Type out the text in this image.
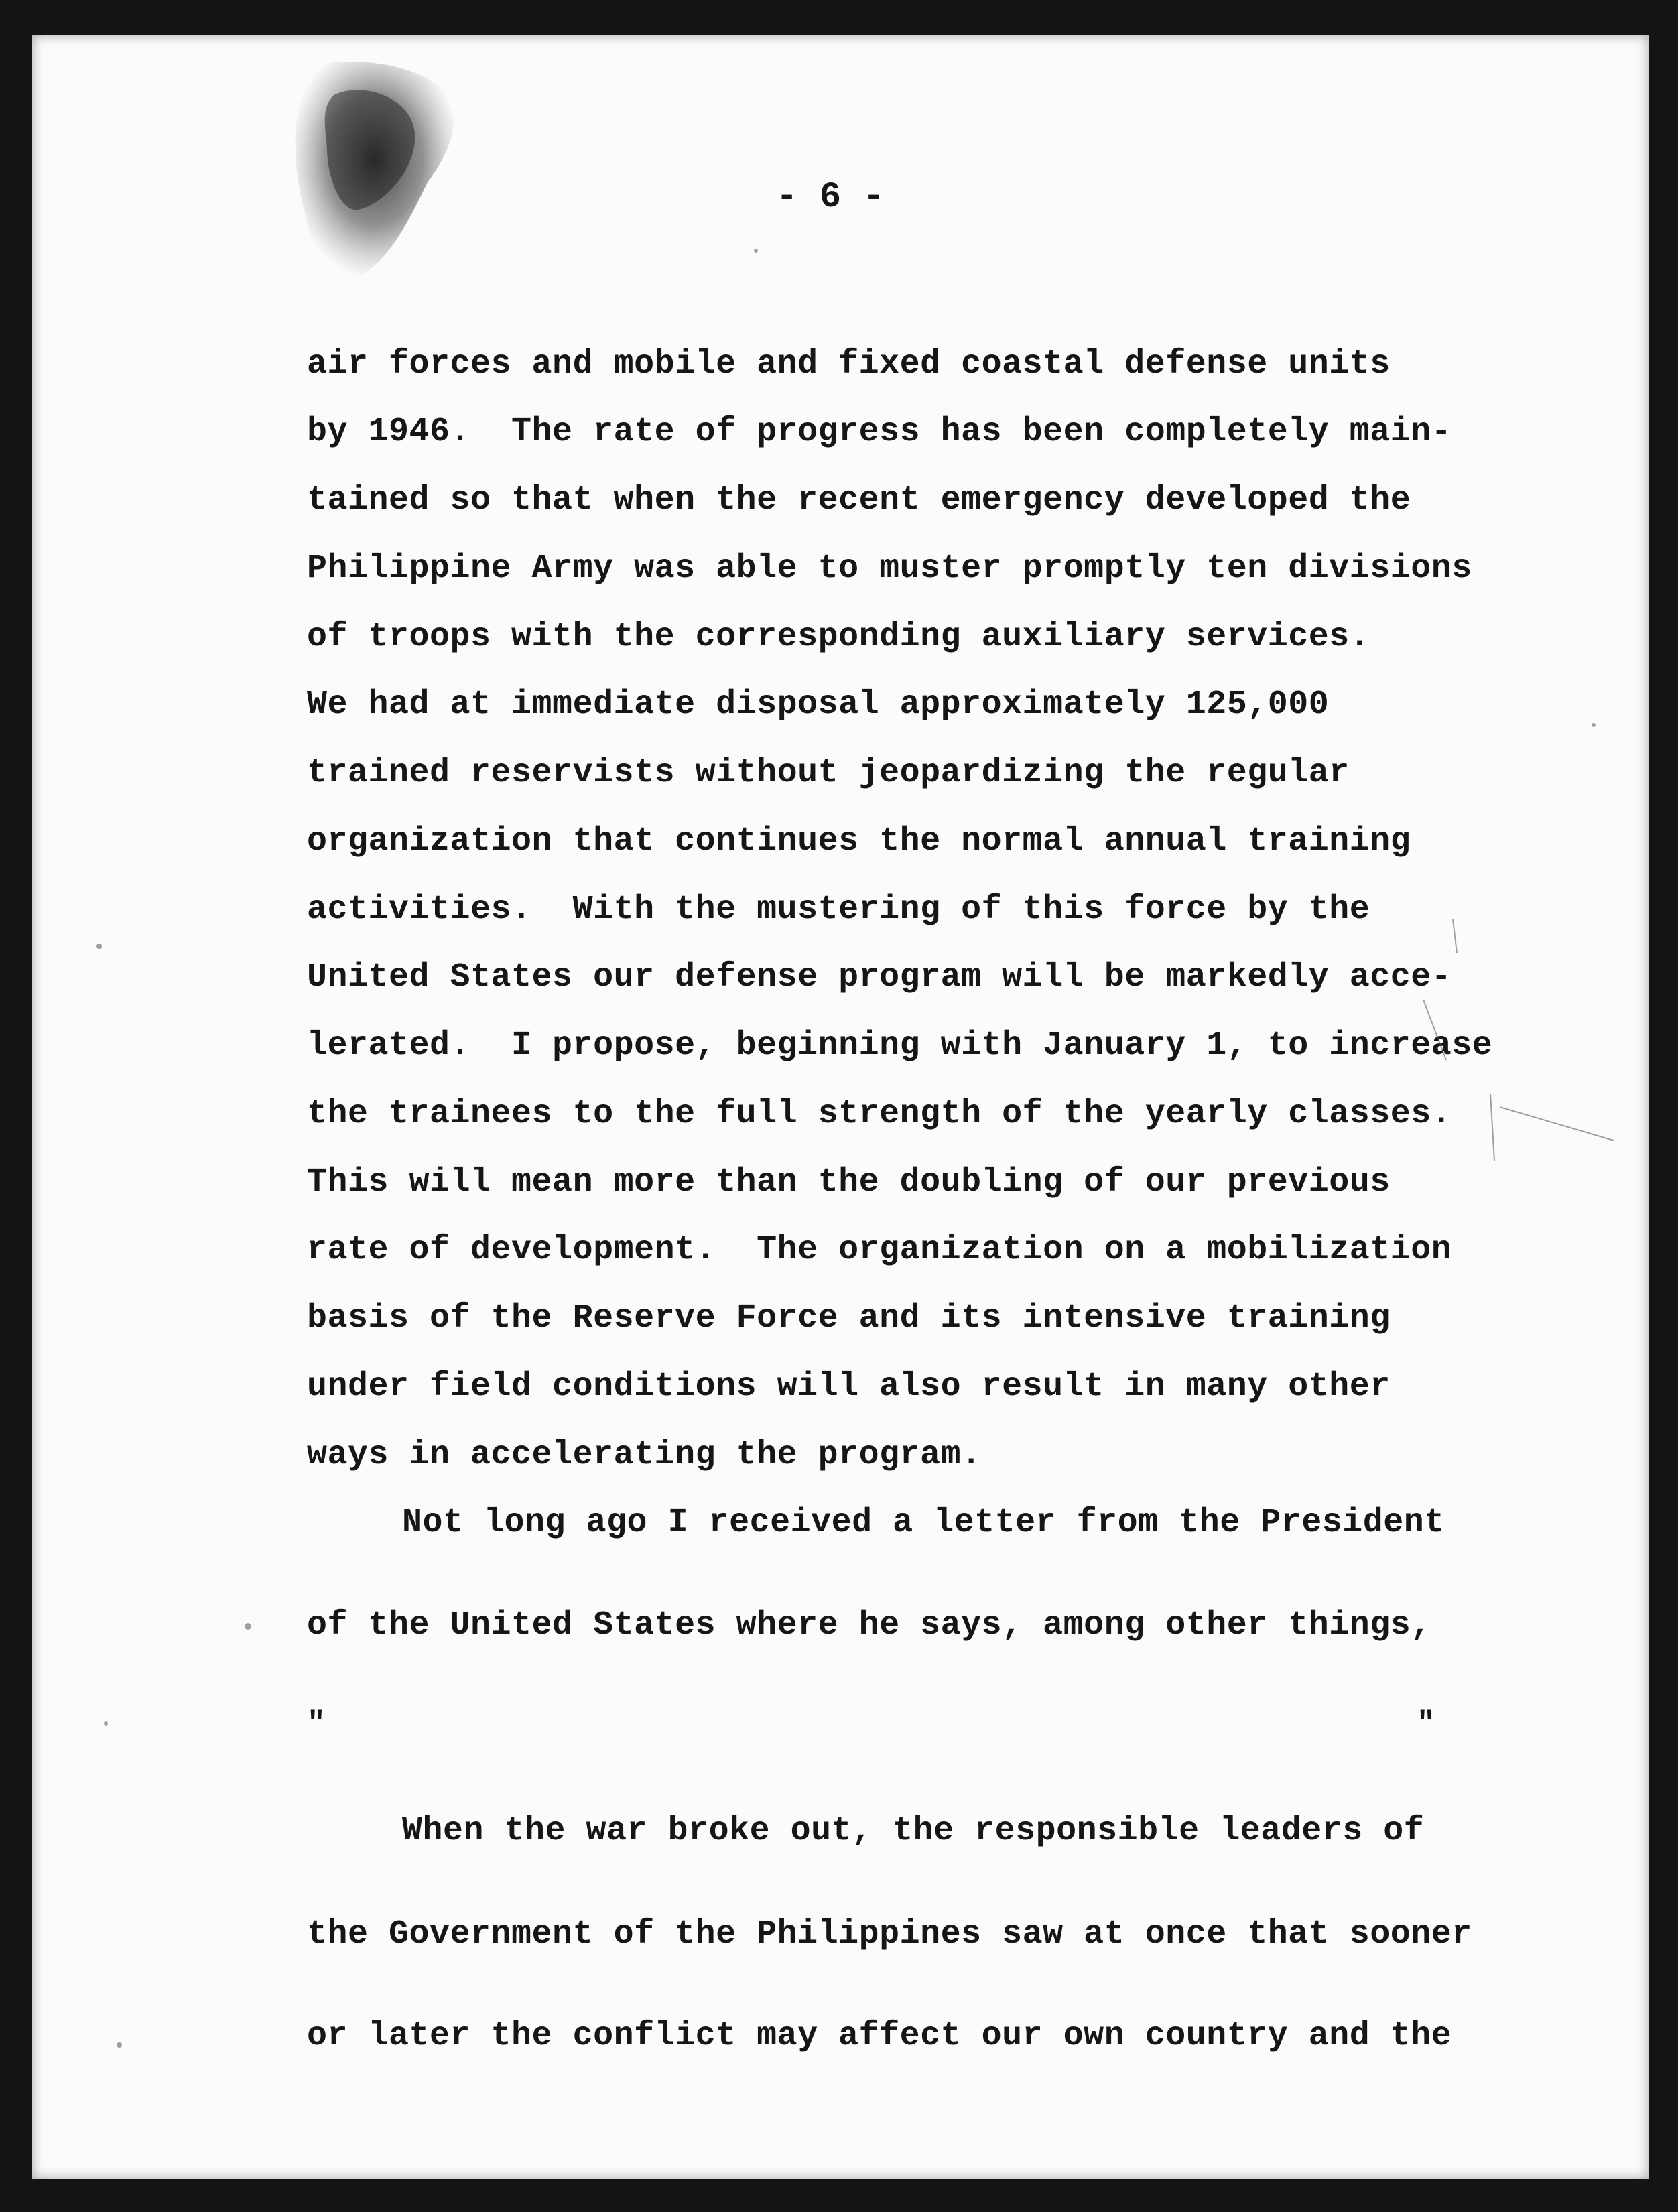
- 6 -
air forces and mobile and fixed coastal defense units
by 1946.  The rate of progress has been completely main-
tained so that when the recent emergency developed the
Philippine Army was able to muster promptly ten divisions
of troops with the corresponding auxiliary services.
We had at immediate disposal approximately 125,000
trained reservists without jeopardizing the regular
organization that continues the normal annual training
activities.  With the mustering of this force by the
United States our defense program will be markedly acce-
lerated.  I propose, beginning with January 1, to increase
the trainees to the full strength of the yearly classes.
This will mean more than the doubling of our previous
rate of development.  The organization on a mobilization
basis of the Reserve Force and its intensive training
under field conditions will also result in many other
ways in accelerating the program.
Not long ago I received a letter from the President
of the United States where he says, among other things,
"	"
When the war broke out, the responsible leaders of
the Government of the Philippines saw at once that sooner
or later the conflict may affect our own country and the
